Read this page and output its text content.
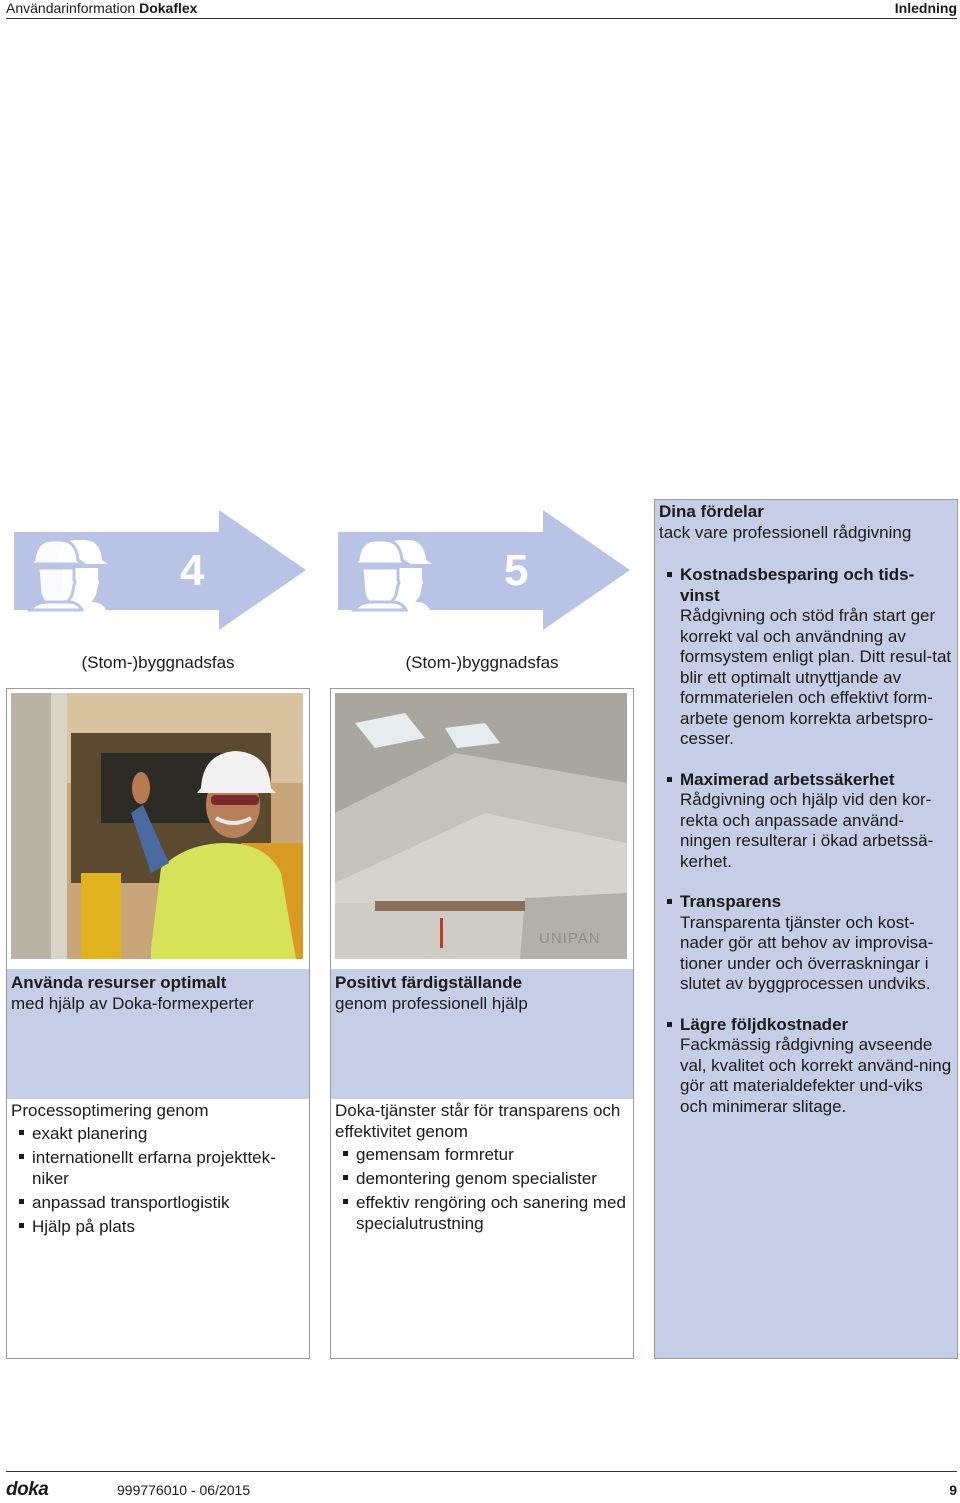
Användarinformation Dokaflex	Inledning
4
(Stom-)byggnadsfas
5
(Stom-)byggnadsfas
Använda resurser optimalt
med hjälp av Doka-formexperter
Processoptimering genom
exakt planering
internationellt erfarna projekttek-niker
anpassad transportlogistik
Hjälp på plats
UNIPAN
Positivt färdigställande
genom professionell hjälp
Doka-tjänster står för transparens och effektivitet genom
gemensam formretur
demontering genom specialister
effektiv rengöring och sanering med specialutrustning
Dina fördelar
tack vare professionell rådgivning
Kostnadsbesparing och tids-vinst
Rådgivning och stöd från start ger korrekt val och användning av formsystem enligt plan. Ditt resul-tat blir ett optimalt utnyttjande av formmaterielen och effektivt form-arbete genom korrekta arbetspro-cesser.
Maximerad arbetssäkerhet
Rådgivning och hjälp vid den kor-rekta och anpassade använd-ningen resulterar i ökad arbetssä-kerhet.
Transparens
Transparenta tjänster och kost-nader gör att behov av improvisa-tioner under och överraskningar i slutet av byggprocessen undviks.
Lägre följdkostnader
Fackmässig rådgivning avseende val, kvalitet och korrekt använd-ning gör att materialdefekter und-viks och minimerar slitage.
doka	999776010 - 06/2015	9
